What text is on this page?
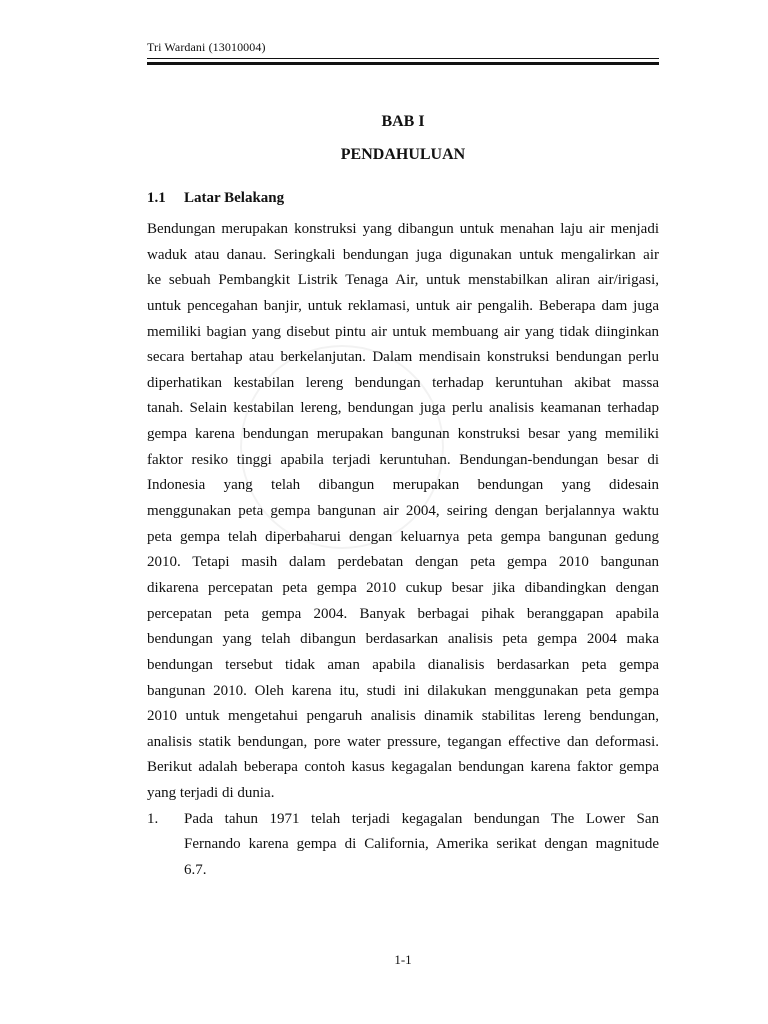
Tri Wardani (13010004)
BAB I
PENDAHULUAN
1.1 Latar Belakang
Bendungan merupakan konstruksi yang dibangun untuk menahan laju air menjadi
waduk atau danau. Seringkali bendungan juga digunakan untuk mengalirkan air
ke sebuah Pembangkit Listrik Tenaga Air, untuk menstabilkan aliran air/irigasi,
untuk pencegahan banjir, untuk reklamasi, untuk air pengalih. Beberapa dam juga
memiliki bagian yang disebut pintu air untuk membuang air yang tidak diinginkan
secara bertahap atau berkelanjutan. Dalam mendisain konstruksi bendungan perlu
diperhatikan kestabilan lereng bendungan terhadap keruntuhan akibat massa
tanah. Selain kestabilan lereng, bendungan juga perlu analisis keamanan terhadap
gempa karena bendungan merupakan bangunan konstruksi besar yang memiliki
faktor resiko tinggi apabila terjadi keruntuhan. Bendungan-bendungan besar di
Indonesia yang telah dibangun merupakan bendungan yang didesain
menggunakan peta gempa bangunan air 2004, seiring dengan berjalannya waktu
peta gempa telah diperbaharui dengan keluarnya peta gempa bangunan gedung
2010. Tetapi masih dalam perdebatan dengan peta gempa 2010 bangunan
dikarena percepatan peta gempa 2010 cukup besar jika dibandingkan dengan
percepatan peta gempa 2004. Banyak berbagai pihak beranggapan apabila
bendungan yang telah dibangun berdasarkan analisis peta gempa 2004 maka
bendungan tersebut tidak aman apabila dianalisis berdasarkan peta gempa
bangunan 2010. Oleh karena itu, studi ini dilakukan menggunakan peta gempa
2010 untuk mengetahui pengaruh analisis dinamik stabilitas lereng bendungan,
analisis statik bendungan, pore water pressure, tegangan effective dan deformasi.
Berikut adalah beberapa contoh kasus kegagalan bendungan karena faktor gempa
yang terjadi di dunia.
1. Pada tahun 1971 telah terjadi kegagalan bendungan The Lower San
Fernando karena gempa di California, Amerika serikat dengan magnitude
6.7.
1-1
